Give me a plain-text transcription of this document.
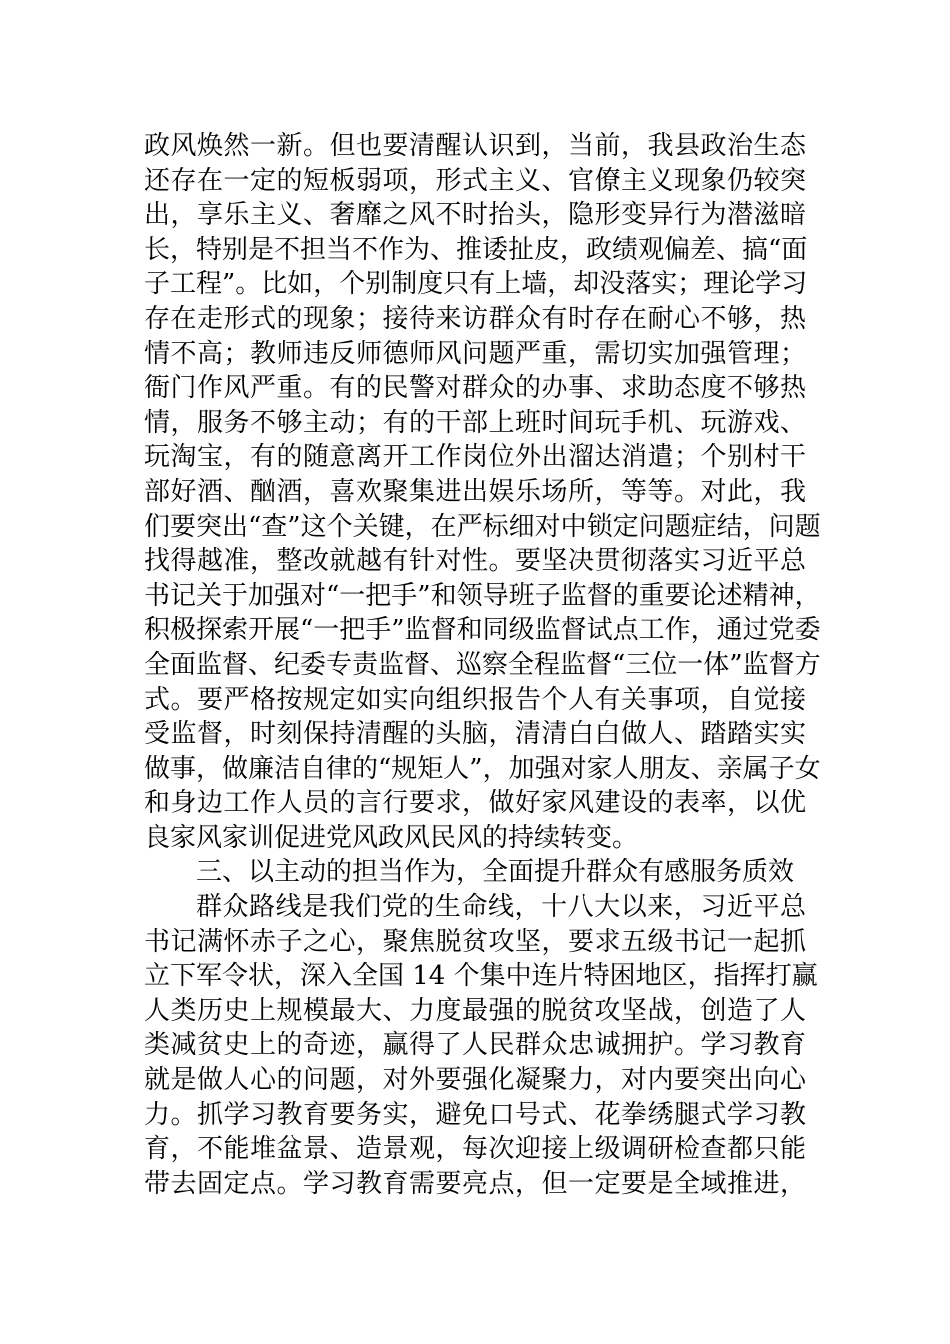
政风焕然一新。但也要清醒认识到，当前，我县政治生态
还存在一定的短板弱项，形式主义、官僚主义现象仍较突
出，享乐主义、奢靡之风不时抬头，隐形变异行为潜滋暗
长，特别是不担当不作为、推诿扯皮，政绩观偏差、搞“面
子工程”。比如，个别制度只有上墙，却没落实；理论学习
存在走形式的现象；接待来访群众有时存在耐心不够，热
情不高；教师违反师德师风问题严重，需切实加强管理；
衙门作风严重。有的民警对群众的办事、求助态度不够热
情，服务不够主动；有的干部上班时间玩手机、玩游戏、
玩淘宝，有的随意离开工作岗位外出溜达消遣；个别村干
部好酒、酗酒，喜欢聚集进出娱乐场所，等等。对此，我
们要突出“查”这个关键，在严标细对中锁定问题症结，问题
找得越准，整改就越有针对性。要坚决贯彻落实习近平总
书记关于加强对“一把手”和领导班子监督的重要论述精神，
积极探索开展“一把手”监督和同级监督试点工作，通过党委
全面监督、纪委专责监督、巡察全程监督“三位一体”监督方
式。要严格按规定如实向组织报告个人有关事项，自觉接
受监督，时刻保持清醒的头脑，清清白白做人、踏踏实实
做事，做廉洁自律的“规矩人”，加强对家人朋友、亲属子女
和身边工作人员的言行要求，做好家风建设的表率，以优
良家风家训促进党风政风民风的持续转变。
三、以主动的担当作为，全面提升群众有感服务质效
群众路线是我们党的生命线，十八大以来，习近平总
书记满怀赤子之心，聚焦脱贫攻坚，要求五级书记一起抓
立下军令状，深入全国 14 个集中连片特困地区，指挥打赢
人类历史上规模最大、力度最强的脱贫攻坚战，创造了人
类减贫史上的奇迹，赢得了人民群众忠诚拥护。学习教育
就是做人心的问题，对外要强化凝聚力，对内要突出向心
力。抓学习教育要务实，避免口号式、花拳绣腿式学习教
育，不能堆盆景、造景观，每次迎接上级调研检查都只能
带去固定点。学习教育需要亮点，但一定要是全域推进，
